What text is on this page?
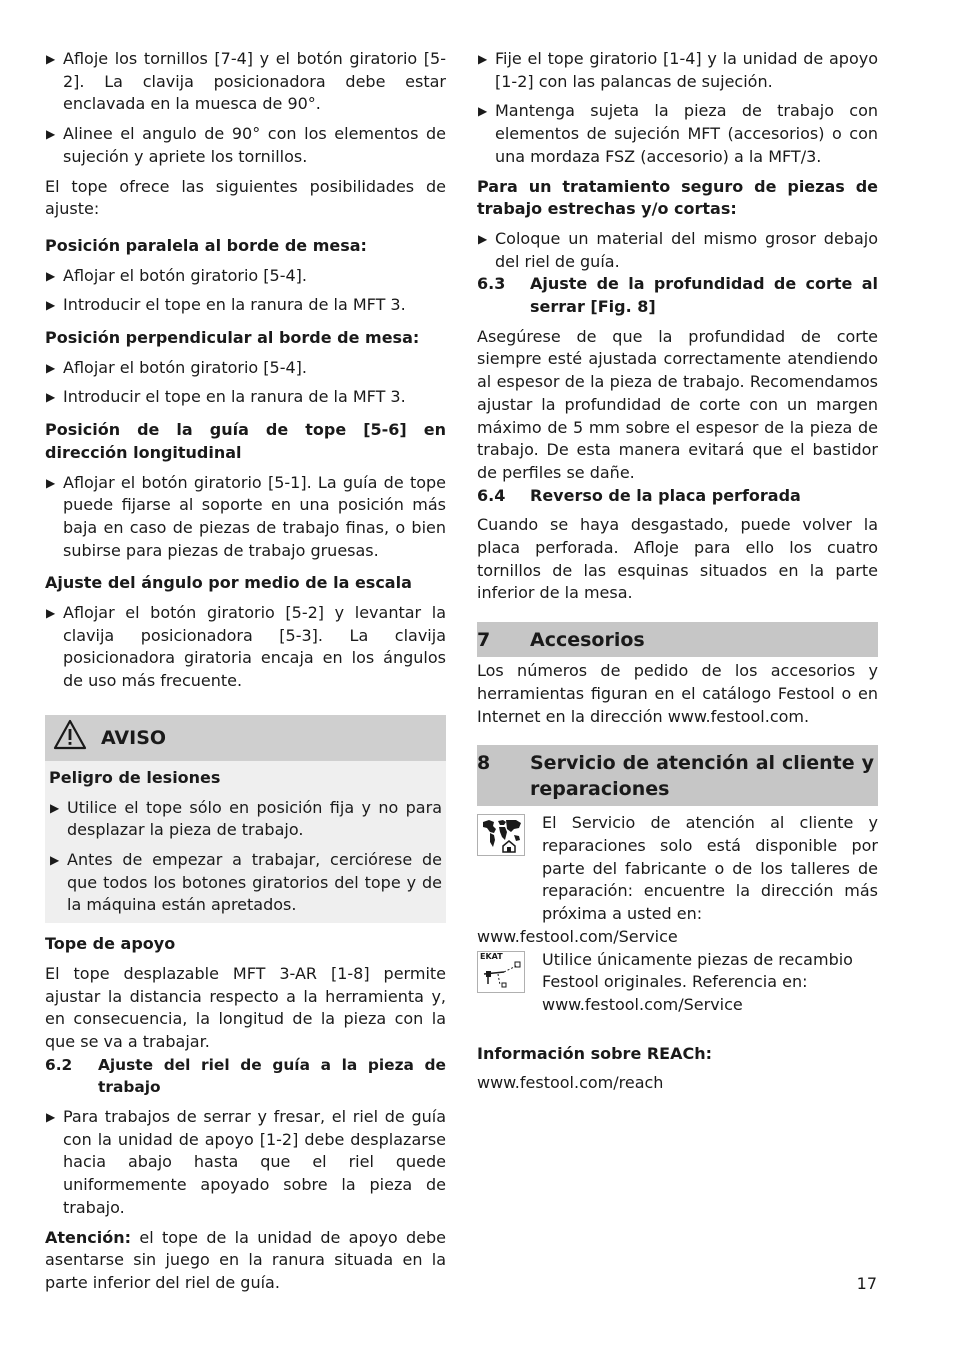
▶ Afloje los tornillos [7-4] y el botón giratorio [5-2]. La clavija posicionadora debe estar enclavada en la muesca de 90°.

▶ Alinee el angulo de 90° con los elementos de sujeción y apriete los tornillos.

El tope ofrece las siguientes posibilidades de ajuste:

Posición paralela al borde de mesa:

▶ Aflojar el botón giratorio [5-4].

▶ Introducir el tope en la ranura de la MFT 3.

Posición perpendicular al borde de mesa:

▶ Aflojar el botón giratorio [5-4].

▶ Introducir el tope en la ranura de la MFT 3.

Posición de la guía de tope [5-6] en dirección longitudinal

▶ Aflojar el botón giratorio [5-1]. La guía de tope puede fijarse al soporte en una posición más baja en caso de piezas de trabajo finas, o bien subirse para piezas de trabajo gruesas.

Ajuste del ángulo por medio de la escala

▶ Aflojar el botón giratorio [5-2] y levantar la clavija posicionadora [5-3]. La clavija posicionadora giratoria encaja en los ángulos de uso más frecuente.

AVISO

Peligro de lesiones

▶ Utilice el tope sólo en posición fija y no para desplazar la pieza de trabajo.

▶ Antes de empezar a trabajar, cerciórese de que todos los botones giratorios del tope y de la máquina están apretados.

Tope de apoyo

El tope desplazable MFT 3-AR [1-8] permite ajustar la distancia respecto a la herramienta y, en consecuencia, la longitud de la pieza con la que se va a trabajar.

6.2	Ajuste del riel de guía a la pieza de trabajo

▶ Para trabajos de serrar y fresar, el riel de guía con la unidad de apoyo [1-2] debe desplazarse hacia abajo hasta que el riel quede uniformemente apoyado sobre la pieza de trabajo.

Atención: el tope de la unidad de apoyo debe asentarse sin juego en la ranura situada en la parte inferior del riel de guía.

▶ Fije el tope giratorio [1-4] y la unidad de apoyo [1-2] con las palancas de sujeción.

▶ Mantenga sujeta la pieza de trabajo con elementos de sujeción MFT (accesorios) o con una mordaza FSZ (accesorio) a la MFT/3.

Para un tratamiento seguro de piezas de trabajo estrechas y/o cortas:

▶ Coloque un material del mismo grosor debajo del riel de guía.

6.3	Ajuste de la profundidad de corte al serrar [Fig. 8]

Asegúrese de que la profundidad de corte siempre esté ajustada correctamente atendiendo al espesor de la pieza de trabajo. Recomendamos ajustar la profundidad de corte con un margen máximo de 5 mm sobre el espesor de la pieza de trabajo. De esta manera evitará que el bastidor de perfiles se dañe.

6.4	Reverso de la placa perforada

Cuando se haya desgastado, puede volver la placa perforada. Afloje para ello los cuatro tornillos de las esquinas situados en la parte inferior de la mesa.

7	Accesorios

Los números de pedido de los accesorios y herramientas figuran en el catálogo Festool o en Internet en la dirección www.festool.com.

8	Servicio de atención al cliente y reparaciones

El Servicio de atención al cliente y reparaciones solo está disponible por parte del fabricante o de los talleres de reparación: encuentre la dirección más próxima a usted en:

www.festool.com/Service

EKAT Utilice únicamente piezas de recambio Festool originales. Referencia en: www.festool.com/Service

Información sobre REACh:

www.festool.com/reach

17
